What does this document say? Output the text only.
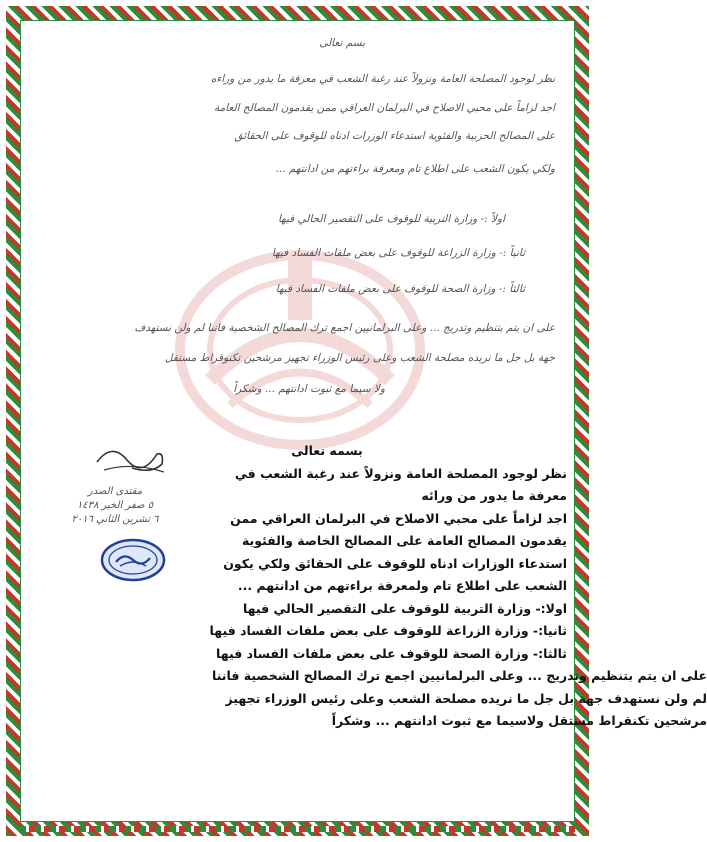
بسم تعالى
نظر لوجود المصلحة العامة ونزولاً عند رغبة الشعب في معرفة ما يدور من وراءه
اجد لزاماً على محبي الاصلاح في البرلمان العراقي ممن يقدمون المصالح العامة
على المصالح الحزبية والفئوية استدعاء الوزرات ادناه للوقوف على الحقائق
ولكي يكون الشعب على اطلاع تام ومعرفة براءتهم من ادانتهم ...
اولاً :- وزارة التربية للوقوف على التقصير الحالي فيها
ثانياً :- وزارة الزراعة للوقوف على بعض ملفات الفساد فيها
ثالثاً :- وزارة الصحة للوقوف على بعض ملفات الفساد فيها
على ان يتم بتنظيم وتدريج ... وعلى البرلمانيين اجمع ترك المصالح الشخصية فاننا لم ولن نستهدف
جهة بل جل ما نريده مصلحة الشعب وعلى رئيس الوزراء تجهيز مرشحين تكنوقراط مستقل
ولا سيما مع ثبوت ادانتهم ... وشكراً
مقتدى الصدر
٥ صفر الخير ١٤٣٨
٦ تشرين الثاني ٢٠١٦

بسمه تعالى

نظر لوجود المصلحة العامة ونزولاً عند رغبة الشعب في

معرفة ما يدور من ورائه

اجد لزاماً على محبي الاصلاح في البرلمان العراقي ممن

يقدمون المصالح العامة على المصالح الخاصة والفئوية

استدعاء الوزارات ادناه للوقوف على الحقائق ولكي يكون

الشعب على اطلاع تام ولمعرفة براءتهم من ادانتهم ...

اولا:- وزارة التربية للوقوف على التقصير الحالي فيها

ثانيا:- وزارة الزراعة للوقوف على بعض ملفات الفساد فيها

ثالثا:- وزارة الصحة للوقوف على بعض ملفات الفساد فيها

على ان يتم بتنظيم وتدريج ... وعلى البرلمانيين اجمع ترك المصالح الشخصية فاننا

لم ولن نستهدف جهة بل جل ما نريده مصلحة الشعب وعلى رئيس الوزراء تجهيز

مرشحين تكنقراط مستقل ولاسيما مع ثبوت ادانتهم ... وشكراً
